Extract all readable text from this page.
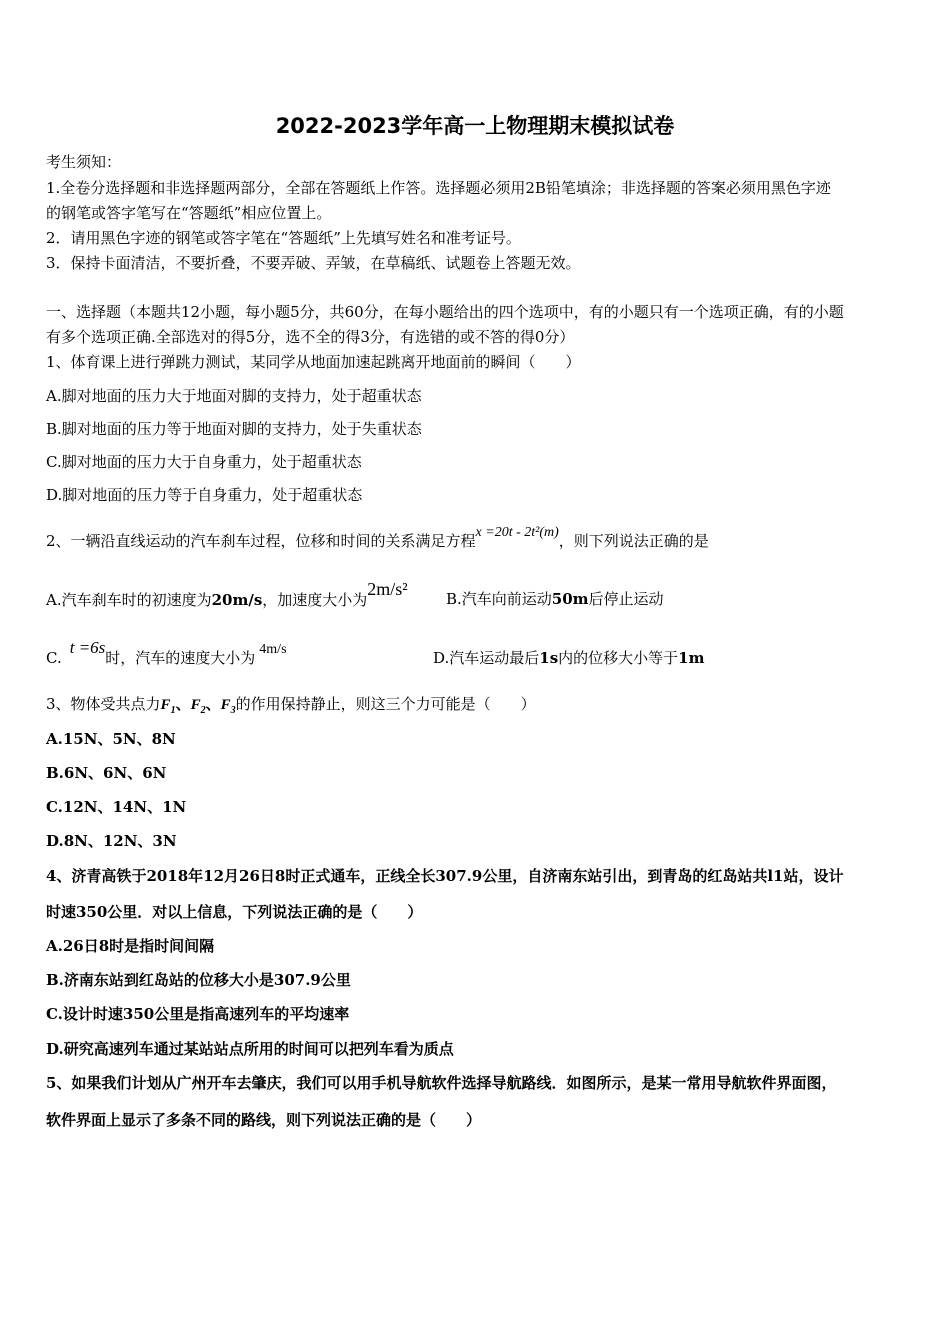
2022-2023学年高一上物理期末模拟试卷
考生须知：
1.全卷分选择题和非选择题两部分，全部在答题纸上作答。选择题必须用2B铅笔填涂；非选择题的答案必须用黑色字迹
的钢笔或答字笔写在“答题纸”相应位置上。
2．请用黑色字迹的钢笔或答字笔在“答题纸”上先填写姓名和准考证号。
3．保持卡面清洁，不要折叠，不要弄破、弄皱，在草稿纸、试题卷上答题无效。
一、选择题（本题共12小题，每小题5分，共60分，在每小题给出的四个选项中，有的小题只有一个选项正确，有的小题
有多个选项正确.全部选对的得5分，选不全的得3分，有选错的或不答的得0分）
1、体育课上进行弹跳力测试，某同学从地面加速起跳离开地面前的瞬间（　　）
A.脚对地面的压力大于地面对脚的支持力，处于超重状态
B.脚对地面的压力等于地面对脚的支持力，处于失重状态
C.脚对地面的压力大于自身重力，处于超重状态
D.脚对地面的压力等于自身重力，处于超重状态
2、一辆沿直线运动的汽车刹车过程，位移和时间的关系满足方程x =20t - 2t²(m)，则下列说法正确的是
A.汽车刹车时的初速度为20m/s，加速度大小为2m/s²	B.汽车向前运动50m后停止运动
C.t =6s时，汽车的速度大小为 4m/s	D.汽车运动最后1s内的位移大小等于1m
3、物体受共点力$F_1$、$F_2$、$F_3$的作用保持静止，则这三个力可能是（　　）
A.15N、5N、8N
B.6N、6N、6N
C.12N、14N、1N
D.8N、12N、3N
4、济青高铁于2018年12月26日8时正式通车，正线全长307.9公里，自济南东站引出，到青岛的红岛站共l1站，设计
时速350公里．对以上信息，下列说法正确的是（　　）
A.26日8时是指时间间隔
B.济南东站到红岛站的位移大小是307.9公里
C.设计时速350公里是指高速列车的平均速率
D.研究高速列车通过某站站点所用的时间可以把列车看为质点
5、如果我们计划从广州开车去肇庆，我们可以用手机导航软件选择导航路线．如图所示，是某一常用导航软件界面图，
软件界面上显示了多条不同的路线，则下列说法正确的是（　　）
